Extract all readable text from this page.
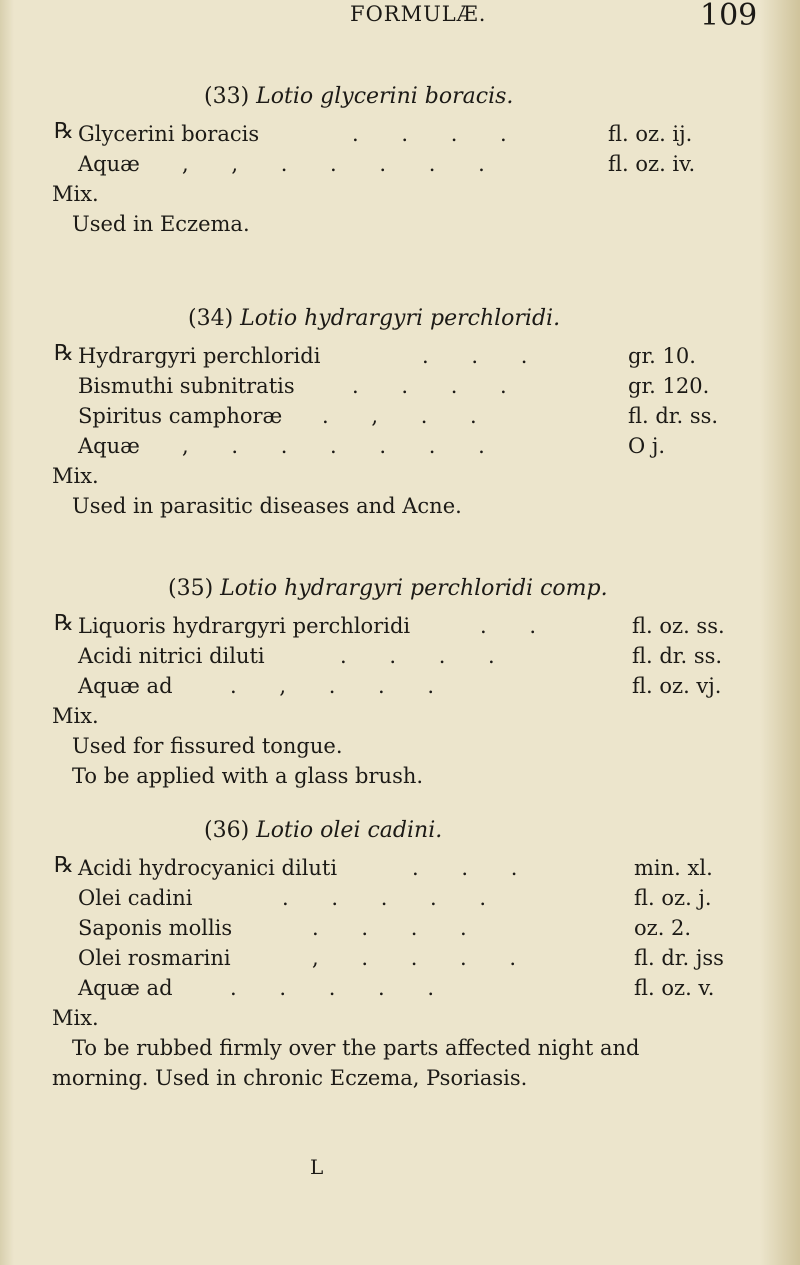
FORMULÆ.	109
(33) Lotio glycerini boracis.
℞ Glycerini boracis	. . . .	fl. oz. ij.
Aquæ , , . . . . .	fl. oz. iv.
Mix.
Used in Eczema.
(34) Lotio hydrargyri perchloridi.
℞ Hydrargyri perchloridi	. . .	gr. 10.
Bismuthi subnitratis	. . . .	gr. 120.
Spiritus camphoræ . , . .	fl. dr. ss.
Aquæ , . . . . . .	O j.
Mix.
Used in parasitic diseases and Acne.
(35) Lotio hydrargyri perchloridi comp.
℞ Liquoris hydrargyri perchloridi	. .	fl. oz. ss.
Acidi nitrici diluti	. . . .	fl. dr. ss.
Aquæ ad	. , . . .	fl. oz. vj.
Mix.
Used for fissured tongue.
To be applied with a glass brush.
(36) Lotio olei cadini.
℞ Acidi hydrocyanici diluti	. . .	min. xl.
Olei cadini	. . . . .	fl. oz. j.
Saponis mollis	. . . .	oz. 2.
Olei rosmarini	, . . . .	fl. dr. jss
Aquæ ad	. . . . .	fl. oz. v.
Mix.
To be rubbed firmly over the parts affected night and morning. Used in chronic Eczema, Psoriasis.
L
